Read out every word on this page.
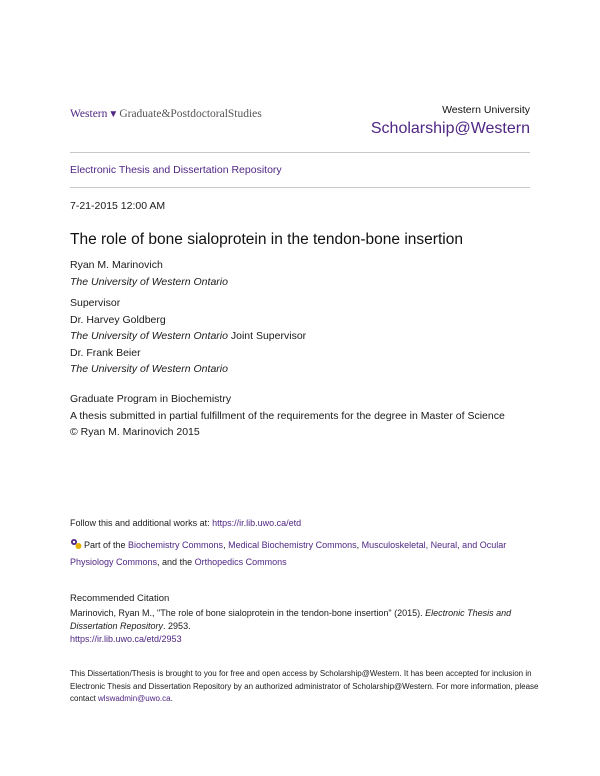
Western▼Graduate&PostdoctoralStudies	Western University
Scholarship@Western
Electronic Thesis and Dissertation Repository
7-21-2015 12:00 AM
The role of bone sialoprotein in the tendon-bone insertion
Ryan M. Marinovich
The University of Western Ontario
Supervisor
Dr. Harvey Goldberg
The University of Western Ontario Joint Supervisor
Dr. Frank Beier
The University of Western Ontario
Graduate Program in Biochemistry
A thesis submitted in partial fulfillment of the requirements for the degree in Master of Science
© Ryan M. Marinovich 2015
Follow this and additional works at: https://ir.lib.uwo.ca/etd
Part of the Biochemistry Commons, Medical Biochemistry Commons, Musculoskeletal, Neural, and Ocular Physiology Commons, and the Orthopedics Commons
Recommended Citation
Marinovich, Ryan M., "The role of bone sialoprotein in the tendon-bone insertion" (2015). Electronic Thesis and Dissertation Repository. 2953.
https://ir.lib.uwo.ca/etd/2953
This Dissertation/Thesis is brought to you for free and open access by Scholarship@Western. It has been accepted for inclusion in Electronic Thesis and Dissertation Repository by an authorized administrator of Scholarship@Western. For more information, please contact wlswadmin@uwo.ca.
